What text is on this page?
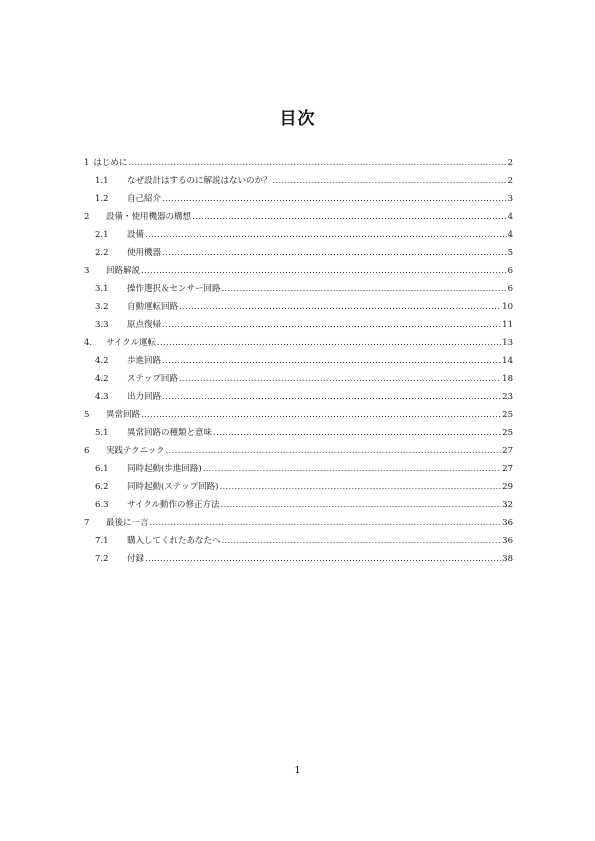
目次
1 はじめに .....	2
1.1	なぜ設計はするのに解説はないのか？ .....	2
1.2	自己紹介 .....	3
2	設備・使用機器の構想 .....	4
2.1	設備 .....	4
2.2	使用機器 .....	5
3	回路解説 .....	6
3.1	操作選択＆センサー回路 .....	6
3.2	自動運転回路 .....	10
3.3	原点復帰 .....	11
4.	サイクル運転 .....	13
4.2	歩進回路 .....	14
4.2	ステップ回路 .....	18
4.3	出力回路 .....	23
5	異常回路 .....	25
5.1	異常回路の種類と意味 .....	25
6	実践テクニック .....	27
6.1	同時起動(歩進回路) .....	27
6.2	同時起動(ステップ回路) .....	29
6.3	サイクル動作の修正方法 .....	32
7	最後に一言 .....	36
7.1	購入してくれたあなたへ .....	36
7.2	付録 .....	38
1
